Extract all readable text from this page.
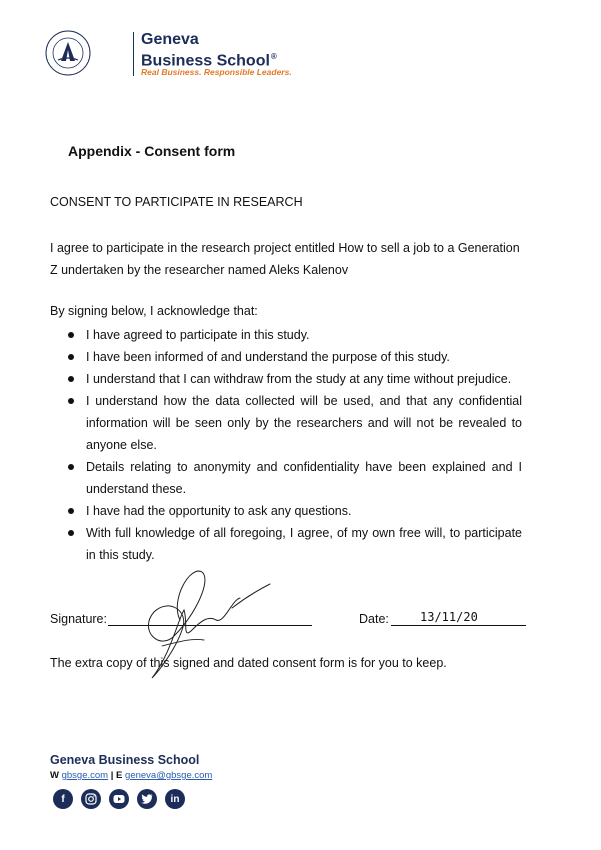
Geneva
Business School®
Real Business. Responsible Leaders.
Appendix - Consent form
CONSENT TO PARTICIPATE IN RESEARCH
I agree to participate in the research project entitled How to sell a job to a Generation Z undertaken by the researcher named Aleks Kalenov
By signing below, I acknowledge that:
I have agreed to participate in this study.
I have been informed of and understand the purpose of this study.
I understand that I can withdraw from the study at any time without prejudice.
I understand how the data collected will be used, and that any confidential information will be seen only by the researchers and will not be revealed to anyone else.
Details relating to anonymity and confidentiality have been explained and I understand these.
I have had the opportunity to ask any questions.
With full knowledge of all foregoing, I agree, of my own free will, to participate in this study.
Signature:	Date:	13/11/20
The extra copy of this signed and dated consent form is for you to keep.
Geneva Business School
W gbsge.com | E geneva@gbsge.com
f	in
